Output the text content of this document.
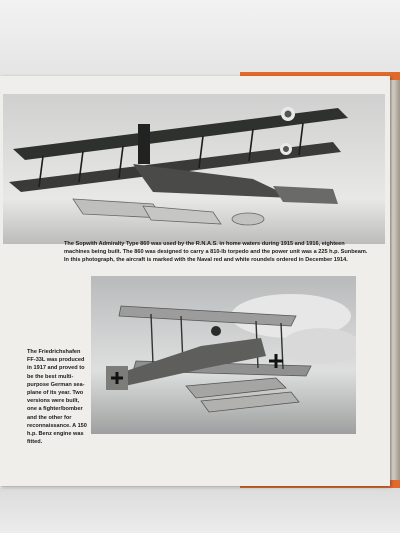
The Sopwith Admiralty Type 860 was used by the R.N.A.S. in home waters during 1915 and 1916, eighteen machines being built. The 860 was designed to carry a 810-lb torpedo and the power unit was a 225 h.p. Sunbeam. In this photograph, the aircraft is marked with the Naval red and white roundels ordered in December 1914.
The Friedrichshafen FF-33L was produced in 1917 and proved to be the best multi-purpose German sea-plane of its year. Two versions were built, one a fighter/bomber and the other for reconnaissance. A 150 h.p. Benz engine was fitted.
